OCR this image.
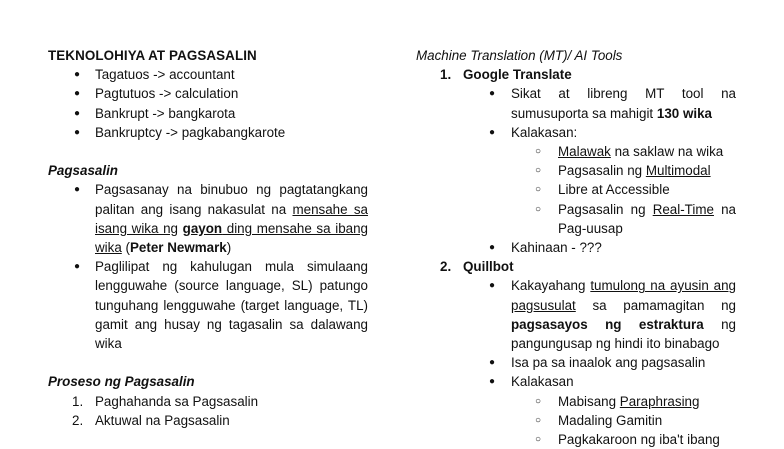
TEKNOLOHIYA AT PAGSASALIN
● Tagatuos -> accountant
● Pagtutuos -> calculation
● Bankrupt -> bangkarota
● Bankruptcy -> pagkabangkarote
Pagsasalin
● Pagsasanay na binubuo ng pagtatangkang palitan ang isang nakasulat na mensahe sa isang wika ng gayon ding mensahe sa ibang wika (Peter Newmark)
● Paglilipat ng kahulugan mula simulaang lengguwahe (source language, SL) patungo tunguhang lengguwahe (target language, TL) gamit ang husay ng tagasalin sa dalawang wika
Proseso ng Pagsasalin
1. Paghahanda sa Pagsasalin
2. Aktuwal na Pagsasalin
Machine Translation (MT)/ AI Tools
1. Google Translate
● Sikat at libreng MT tool na sumusuporta sa mahigit 130 wika
● Kalakasan:
○ Malawak na saklaw na wika
○ Pagsasalin ng Multimodal
○ Libre at Accessible
○ Pagsasalin ng Real-Time na Pag-uusap
● Kahinaan - ???
2. Quillbot
● Kakayahang tumulong na ayusin ang pagsusulat sa pamamagitan ng pagsasayos ng estraktura ng pangungusap ng hindi ito binabago
● Isa pa sa inaalok ang pagsasalin
● Kalakasan
○ Mabisang Paraphrasing
○ Madaling Gamitin
○ Pagkakaroon ng iba't ibang
